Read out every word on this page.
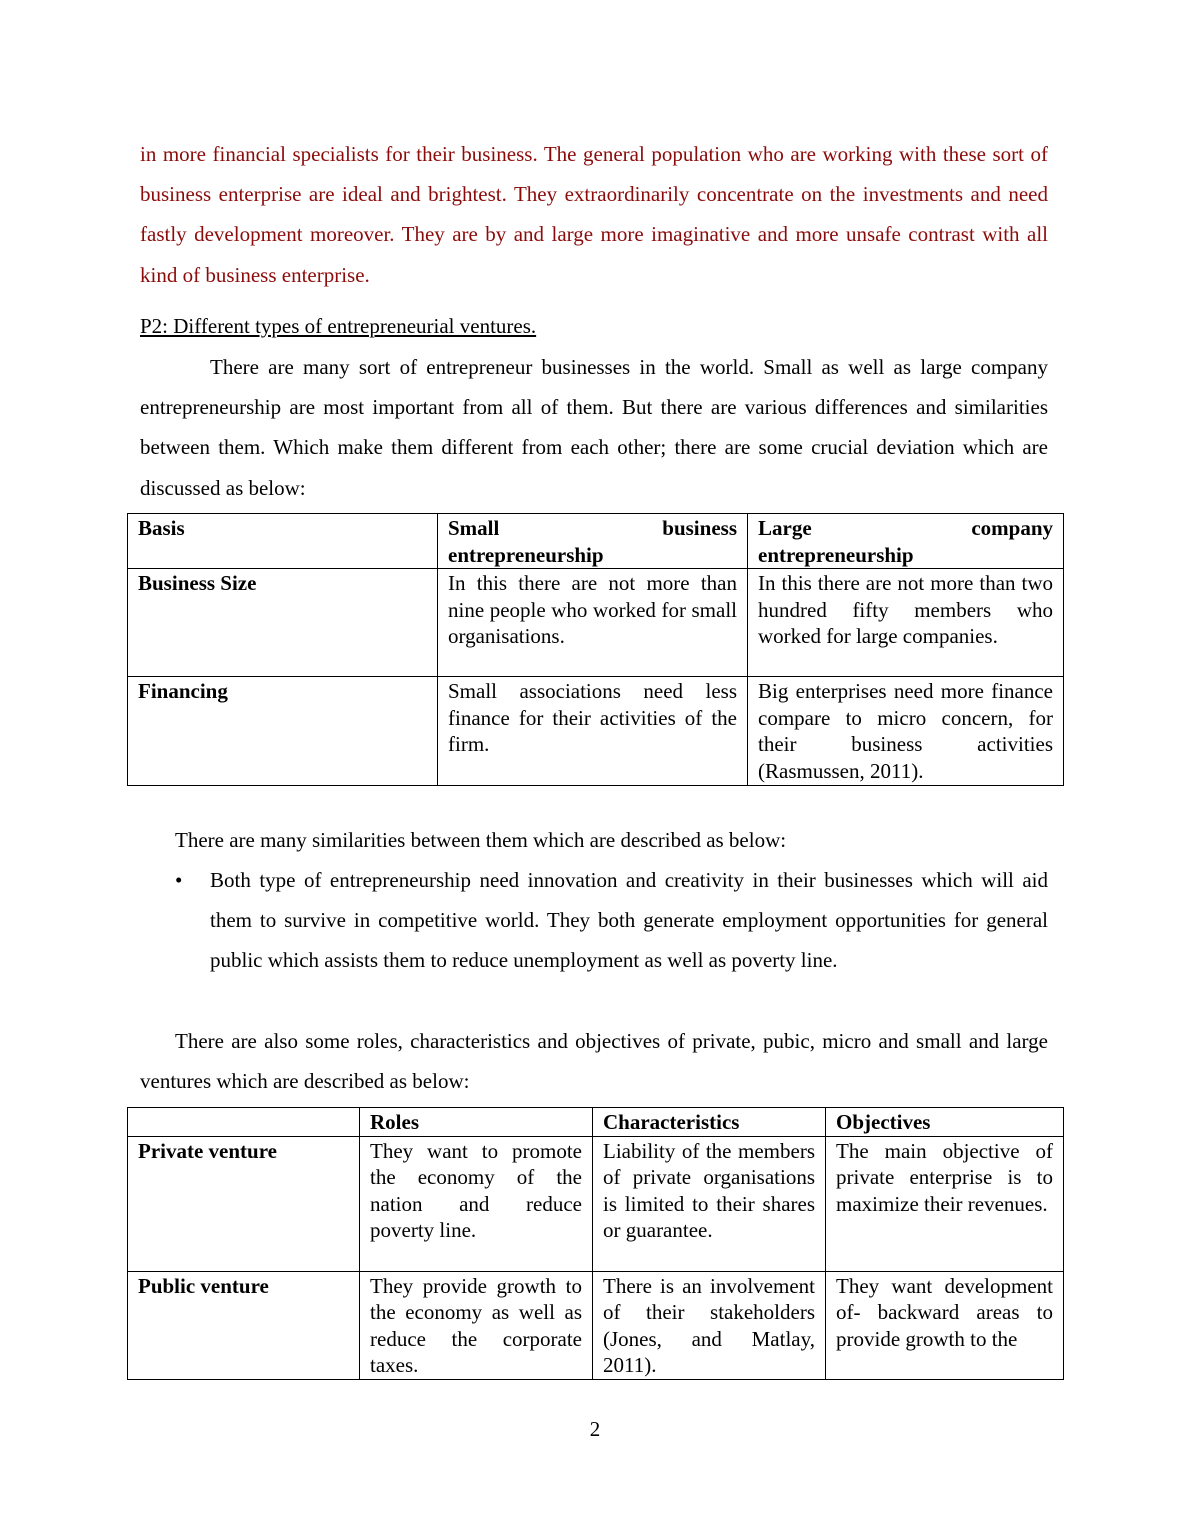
in more financial specialists for their business. The general population who are working with these sort of business enterprise are ideal and brightest. They extraordinarily concentrate on the investments and need fastly development moreover. They are by and large more imaginative and more unsafe contrast with all kind of business enterprise.

P2: Different types of entrepreneurial ventures.

There are many sort of entrepreneur businesses in the world. Small as well as large company entrepreneurship are most important from all of them. But there are various differences and similarities between them. Which make them different from each other; there are some crucial deviation which are discussed as below:

Basis	Small business entrepreneurship	Large company entrepreneurship
Business Size	In this there are not more than nine people who worked for small organisations.	In this there are not more than two hundred fifty members who worked for large companies.
Financing	Small associations need less finance for their activities of the firm.	Big enterprises need more finance compare to micro concern, for their business activities (Rasmussen, 2011).

There are many similarities between them which are described as below:

•	Both type of entrepreneurship need innovation and creativity in their businesses which will aid them to survive in competitive world. They both generate employment opportunities for general public which assists them to reduce unemployment as well as poverty line.

There are also some roles, characteristics and objectives of private, pubic, micro and small and large ventures which are described as below:

	Roles	Characteristics	Objectives
Private venture	They want to promote the economy of the nation and reduce poverty line.	Liability of the members of private organisations is limited to their shares or guarantee.	The main objective of private enterprise is to maximize their revenues.
Public venture	They provide growth to the economy as well as reduce the corporate taxes.	There is an involvement of their stakeholders (Jones, and Matlay, 2011).	They want development of- backward areas to provide growth to the
2
